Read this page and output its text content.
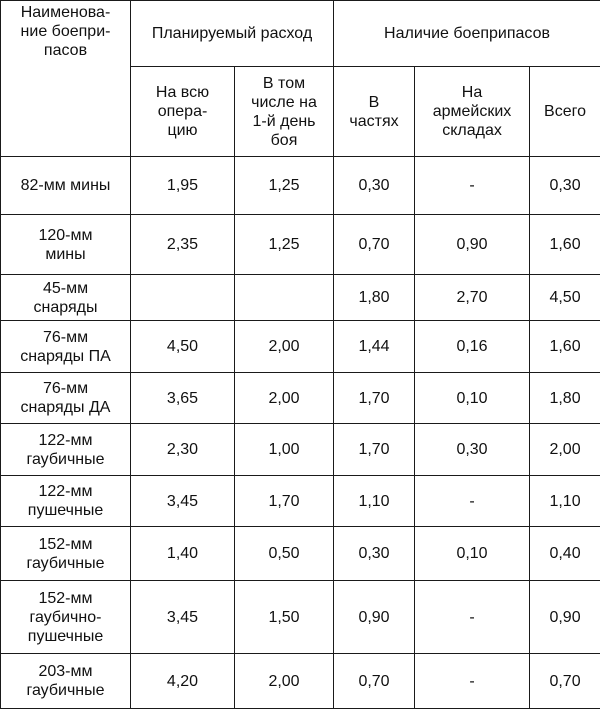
Наименова-
ние боепри-
пасов	Планируемый расход		Наличие боеприпасов		
	На всю
опера-
цию	В том
числе на
1-й день
боя	В
частях	На
армейских
складах	Всего
82-мм мины	1,95	1,25	0,30	-	0,30
120-мм
мины	2,35	1,25	0,70	0,90	1,60
45-мм
снаряды			1,80	2,70	4,50
76-мм
снаряды ПА	4,50	2,00	1,44	0,16	1,60
76-мм
снаряды ДА	3,65	2,00	1,70	0,10	1,80
122-мм
гаубичные	2,30	1,00	1,70	0,30	2,00
122-мм
пушечные	3,45	1,70	1,10	-	1,10
152-мм
гаубичные	1,40	0,50	0,30	0,10	0,40
152-мм
гаубично-
пушечные	3,45	1,50	0,90	-	0,90
203-мм
гаубичные	4,20	2,00	0,70	-	0,70
